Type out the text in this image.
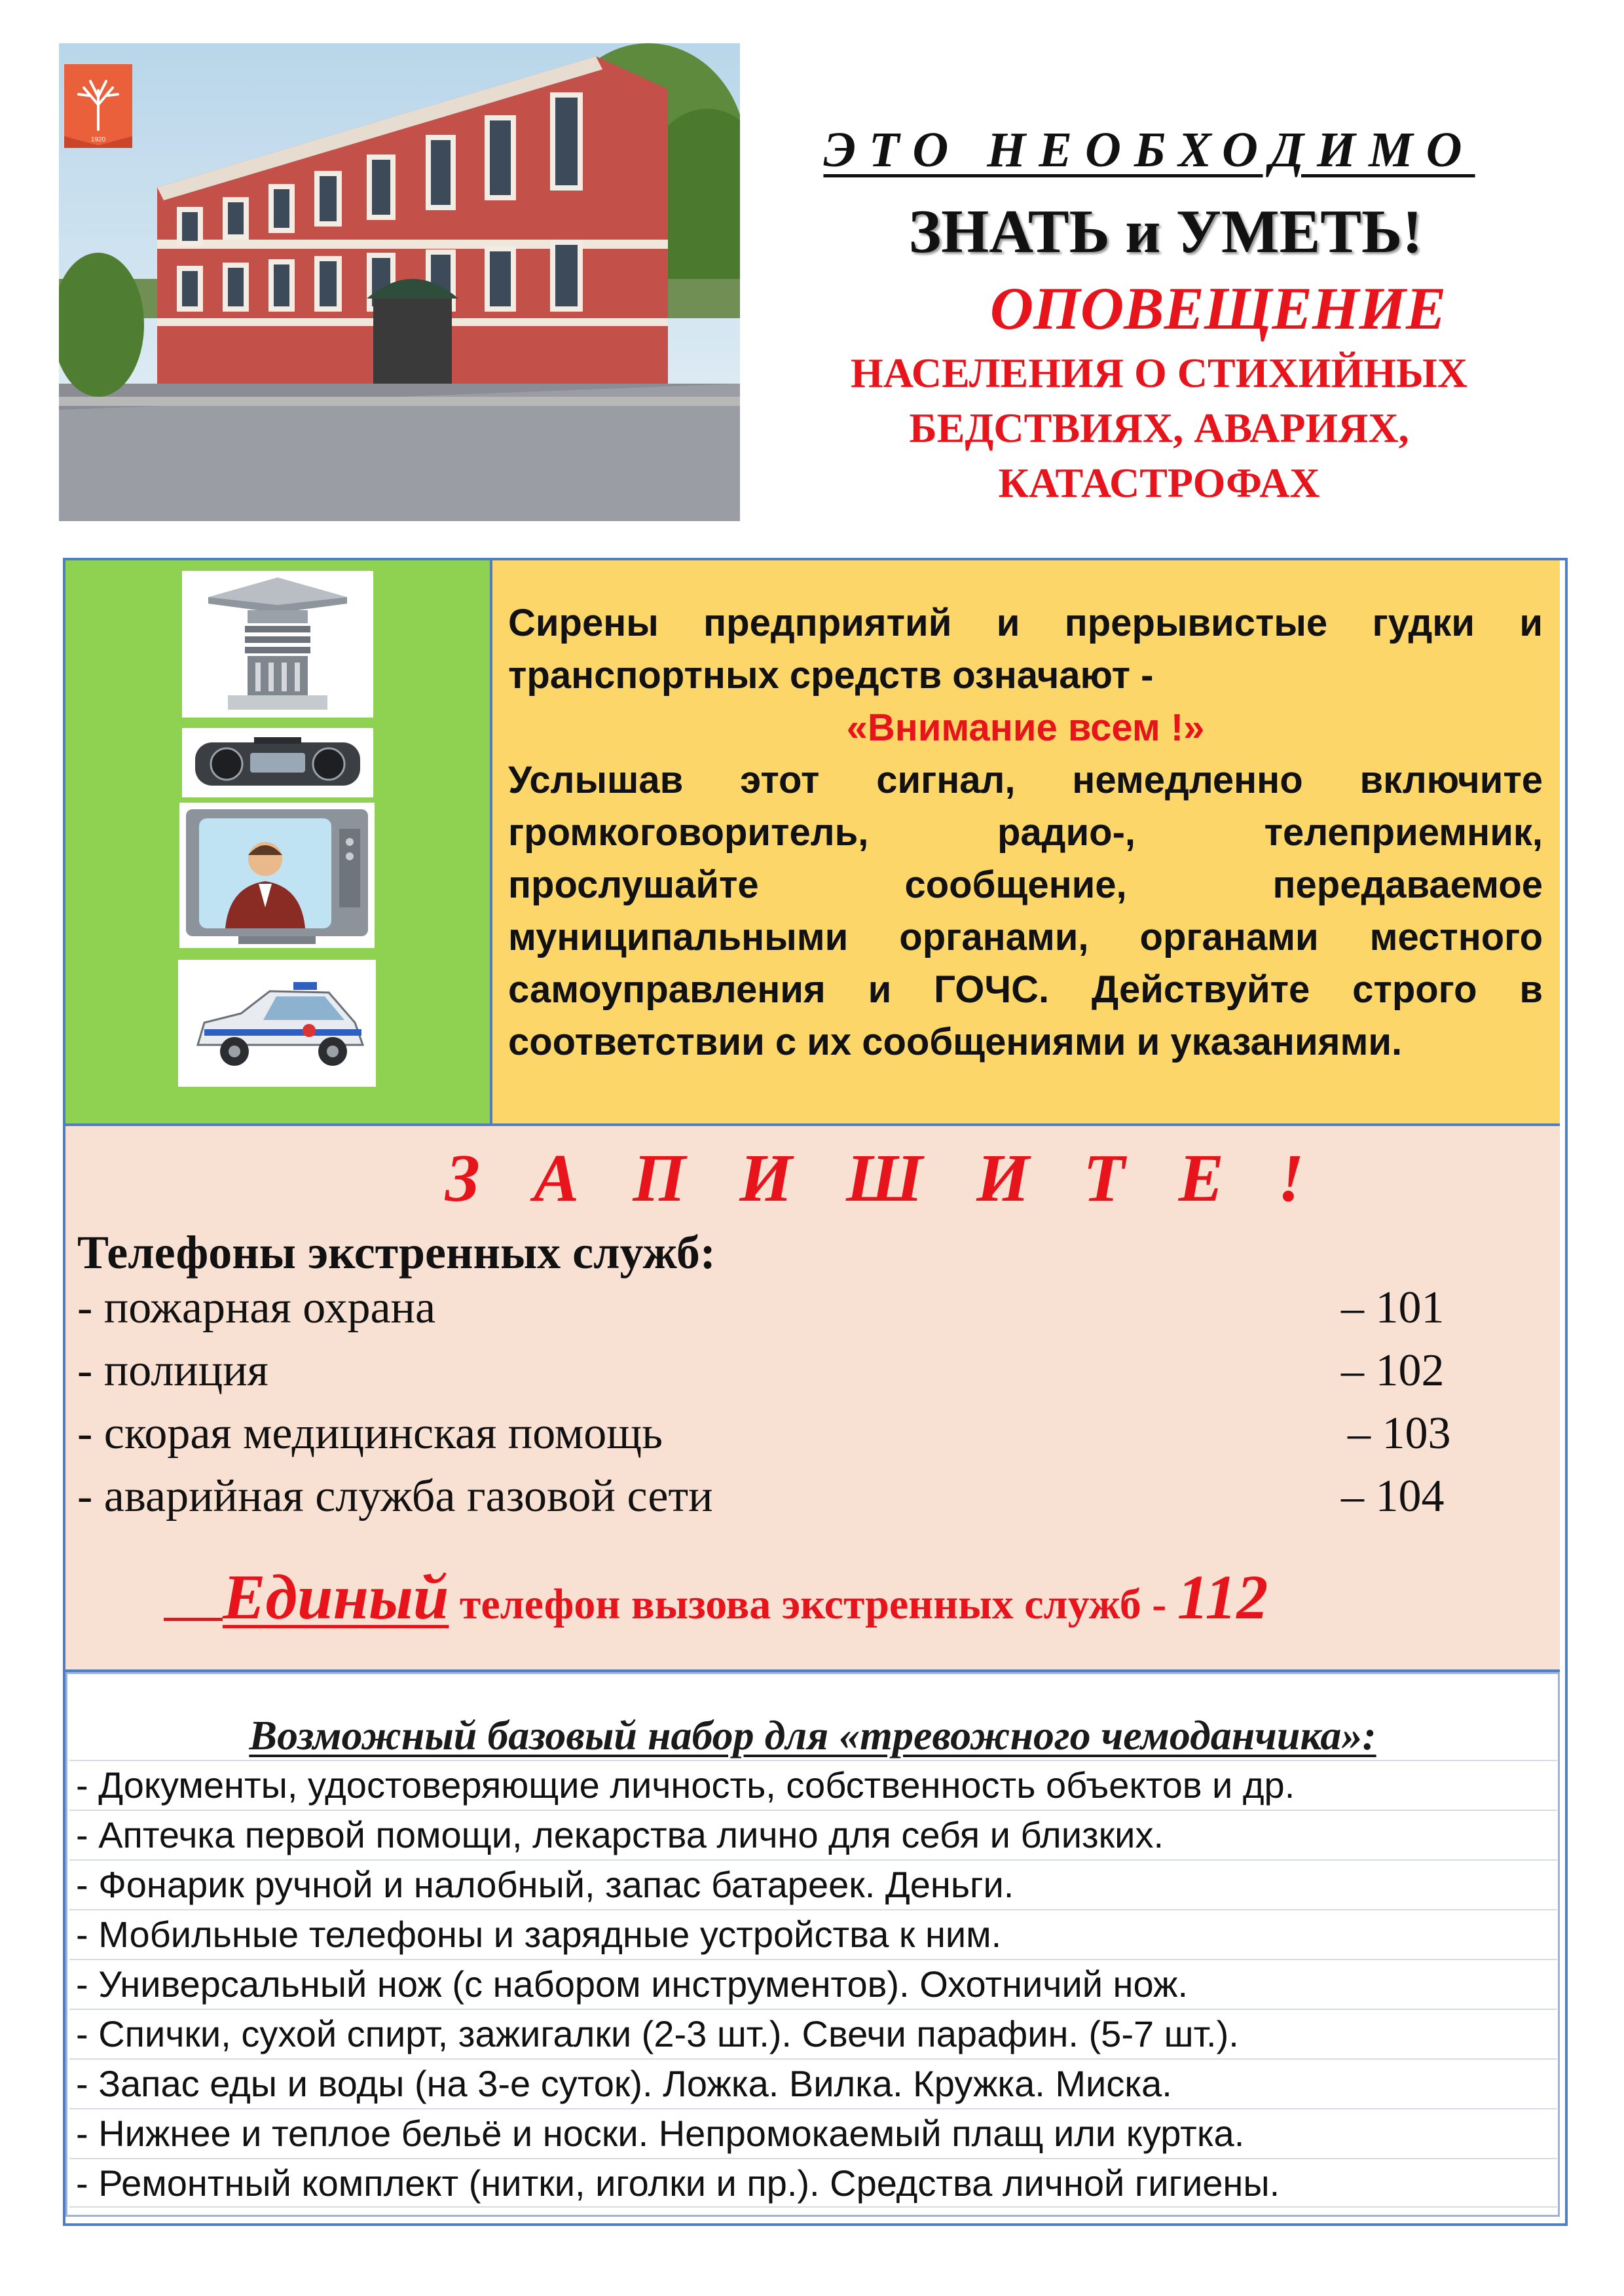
1920	ЭТО НЕОБХОДИМО
ЗНАТЬ и УМЕТЬ!
ОПОВЕЩЕНИЕ
НАСЕЛЕНИЯ О СТИХИЙНЫХ
БЕДСТВИЯХ, АВАРИЯХ,
КАТАСТРОФАХ
Сирены предприятий и прерывистые гудки и транспортных средств означают -
«Внимание всем !»
Услышав этот сигнал, немедленно включите громкоговоритель, радио-, телеприемник, прослушайте сообщение, передаваемое муниципальными органами, органами местного самоуправления и ГОЧС. Действуйте строго в соответствии с их сообщениями и указаниями.
З А П И Ш И Т Е !
Телефоны экстренных служб:
- пожарная охрана	– 101
- полиция	– 102
- скорая медицинская помощь	– 103
- аварийная служба газовой сети	– 104
Единый телефон вызова экстренных служб - 112
Возможный базовый набор для «тревожного чемоданчика»:
- Документы, удостоверяющие личность, собственность объектов и др.
- Аптечка первой помощи, лекарства лично для себя и близких.
- Фонарик ручной и налобный, запас батареек. Деньги.
- Мобильные телефоны и зарядные устройства к ним.
- Универсальный нож (с набором инструментов). Охотничий нож.
- Спички, сухой спирт, зажигалки (2-3 шт.). Свечи парафин. (5-7 шт.).
- Запас еды и воды (на 3-е суток). Ложка. Вилка. Кружка. Миска.
- Нижнее и теплое бельё и носки. Непромокаемый плащ или куртка.
- Ремонтный комплект (нитки, иголки и пр.). Средства личной гигиены.
